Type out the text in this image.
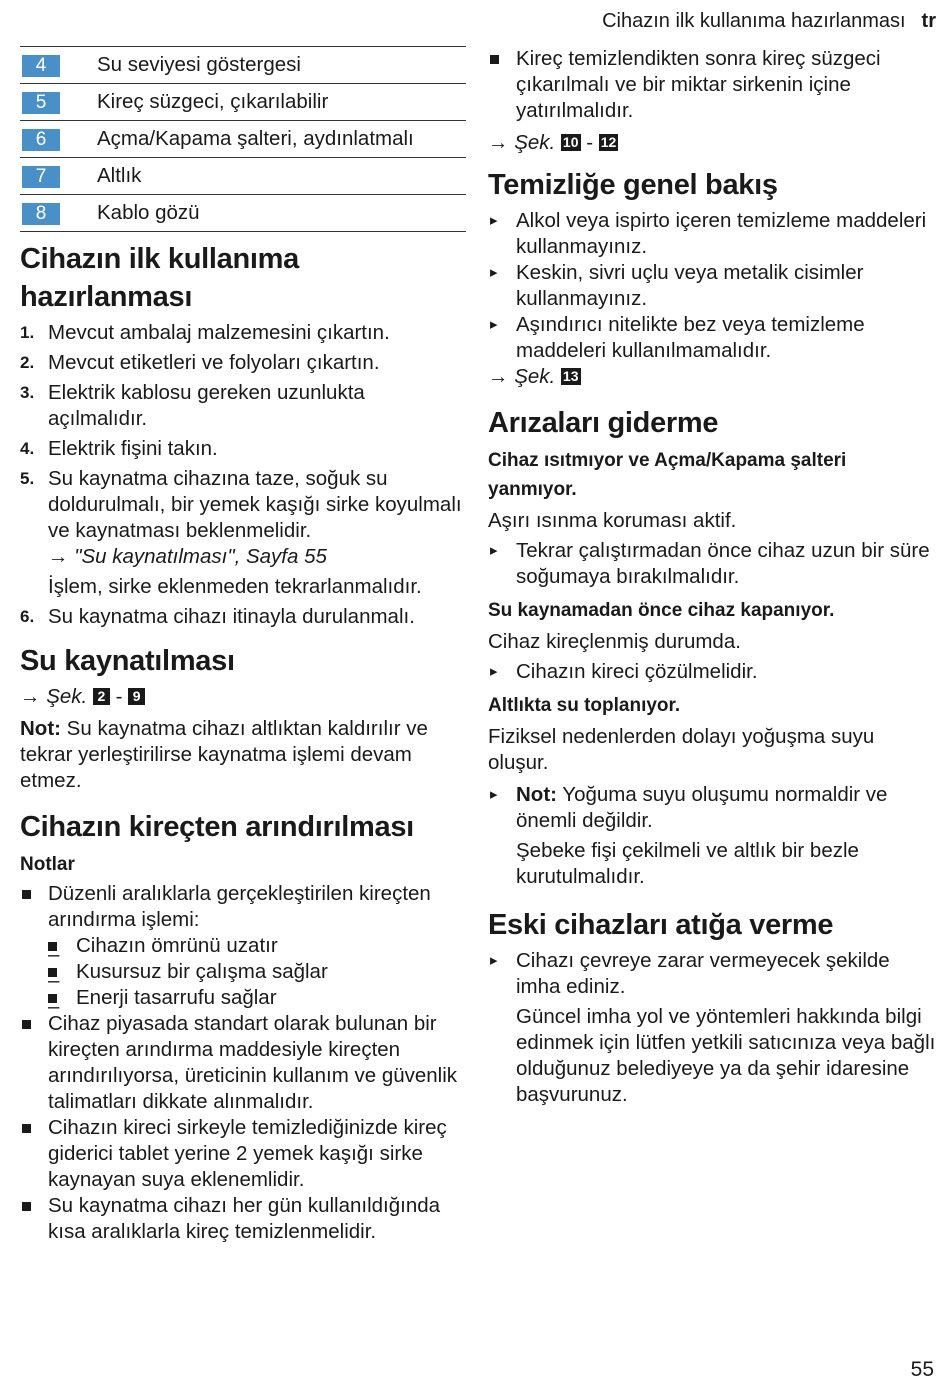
Cihazın ilk kullanıma hazırlanması tr
4	Su seviyesi göstergesi
5	Kireç süzgeci, çıkarılabilir
6	Açma/Kapama şalteri, aydınlatmalı
7	Altlık
8	Kablo gözü
Cihazın ilk kullanıma hazırlanması
1. Mevcut ambalaj malzemesini çıkartın.
2. Mevcut etiketleri ve folyoları çıkartın.
3. Elektrik kablosu gereken uzunlukta açılmalıdır.
4. Elektrik fişini takın.
5. Su kaynatma cihazına taze, soğuk su doldurulmalı, bir yemek kaşığı sirke koyulmalı ve kaynatması beklenmelidir.
→ "Su kaynatılması", Sayfa 55
İşlem, sirke eklenmeden tekrarlanmalıdır.
6. Su kaynatma cihazı itinayla durulanmalı.
Su kaynatılması

→ Şek. 2 - 9

Not: Su kaynatma cihazı altlıktan kaldırılır ve tekrar yerleştirilirse kaynatma işlemi devam etmez.

Cihazın kireçten arındırılması
Notlar
Düzenli aralıklarla gerçekleştirilen kireçten arındırma işlemi:
– Cihazın ömrünü uzatır
– Kusursuz bir çalışma sağlar
– Enerji tasarrufu sağlar
Cihaz piyasada standart olarak bulunan bir kireçten arındırma maddesiyle kireçten arındırılıyorsa, üreticinin kullanım ve güvenlik talimatları dikkate alınmalıdır.
Cihazın kireci sirkeyle temizlediğinizde kireç giderici tablet yerine 2 yemek kaşığı sirke kaynayan suya eklenemlidir.
Su kaynatma cihazı her gün kullanıldığında kısa aralıklarla kireç temizlenmelidir.
Kireç temizlendikten sonra kireç süzgeci çıkarılmalı ve bir miktar sirkenin içine yatırılmalıdır.

→ Şek. 10 - 12

Temizliğe genel bakış
▸ Alkol veya ispirto içeren temizleme maddeleri kullanmayınız.
▸ Keskin, sivri uçlu veya metalik cisimler kullanmayınız.
▸ Aşındırıcı nitelikte bez veya temizleme maddeleri kullanılmamalıdır.

→ Şek. 13

Arızaları giderme
Cihaz ısıtmıyor ve Açma/Kapama şalteri yanmıyor.

Aşırı ısınma koruması aktif.

▸ Tekrar çalıştırmadan önce cihaz uzun bir süre soğumaya bırakılmalıdır.
Su kaynamadan önce cihaz kapanıyor.

Cihaz kireçlenmiş durumda.

▸ Cihazın kireci çözülmelidir.
Altlıkta su toplanıyor.

Fiziksel nedenlerden dolayı yoğuşma suyu oluşur.

▸ Not: Yoğuma suyu oluşumu normaldir ve önemli değildir.
Şebeke fişi çekilmeli ve altlık bir bezle kurutulmalıdır.
Eski cihazları atığa verme
▸ Cihazı çevreye zarar vermeyecek şekilde imha ediniz.
Güncel imha yol ve yöntemleri hakkında bilgi edinmek için lütfen yetkili satıcınıza veya bağlı olduğunuz belediyeye ya da şehir idaresine başvurunuz.
55
